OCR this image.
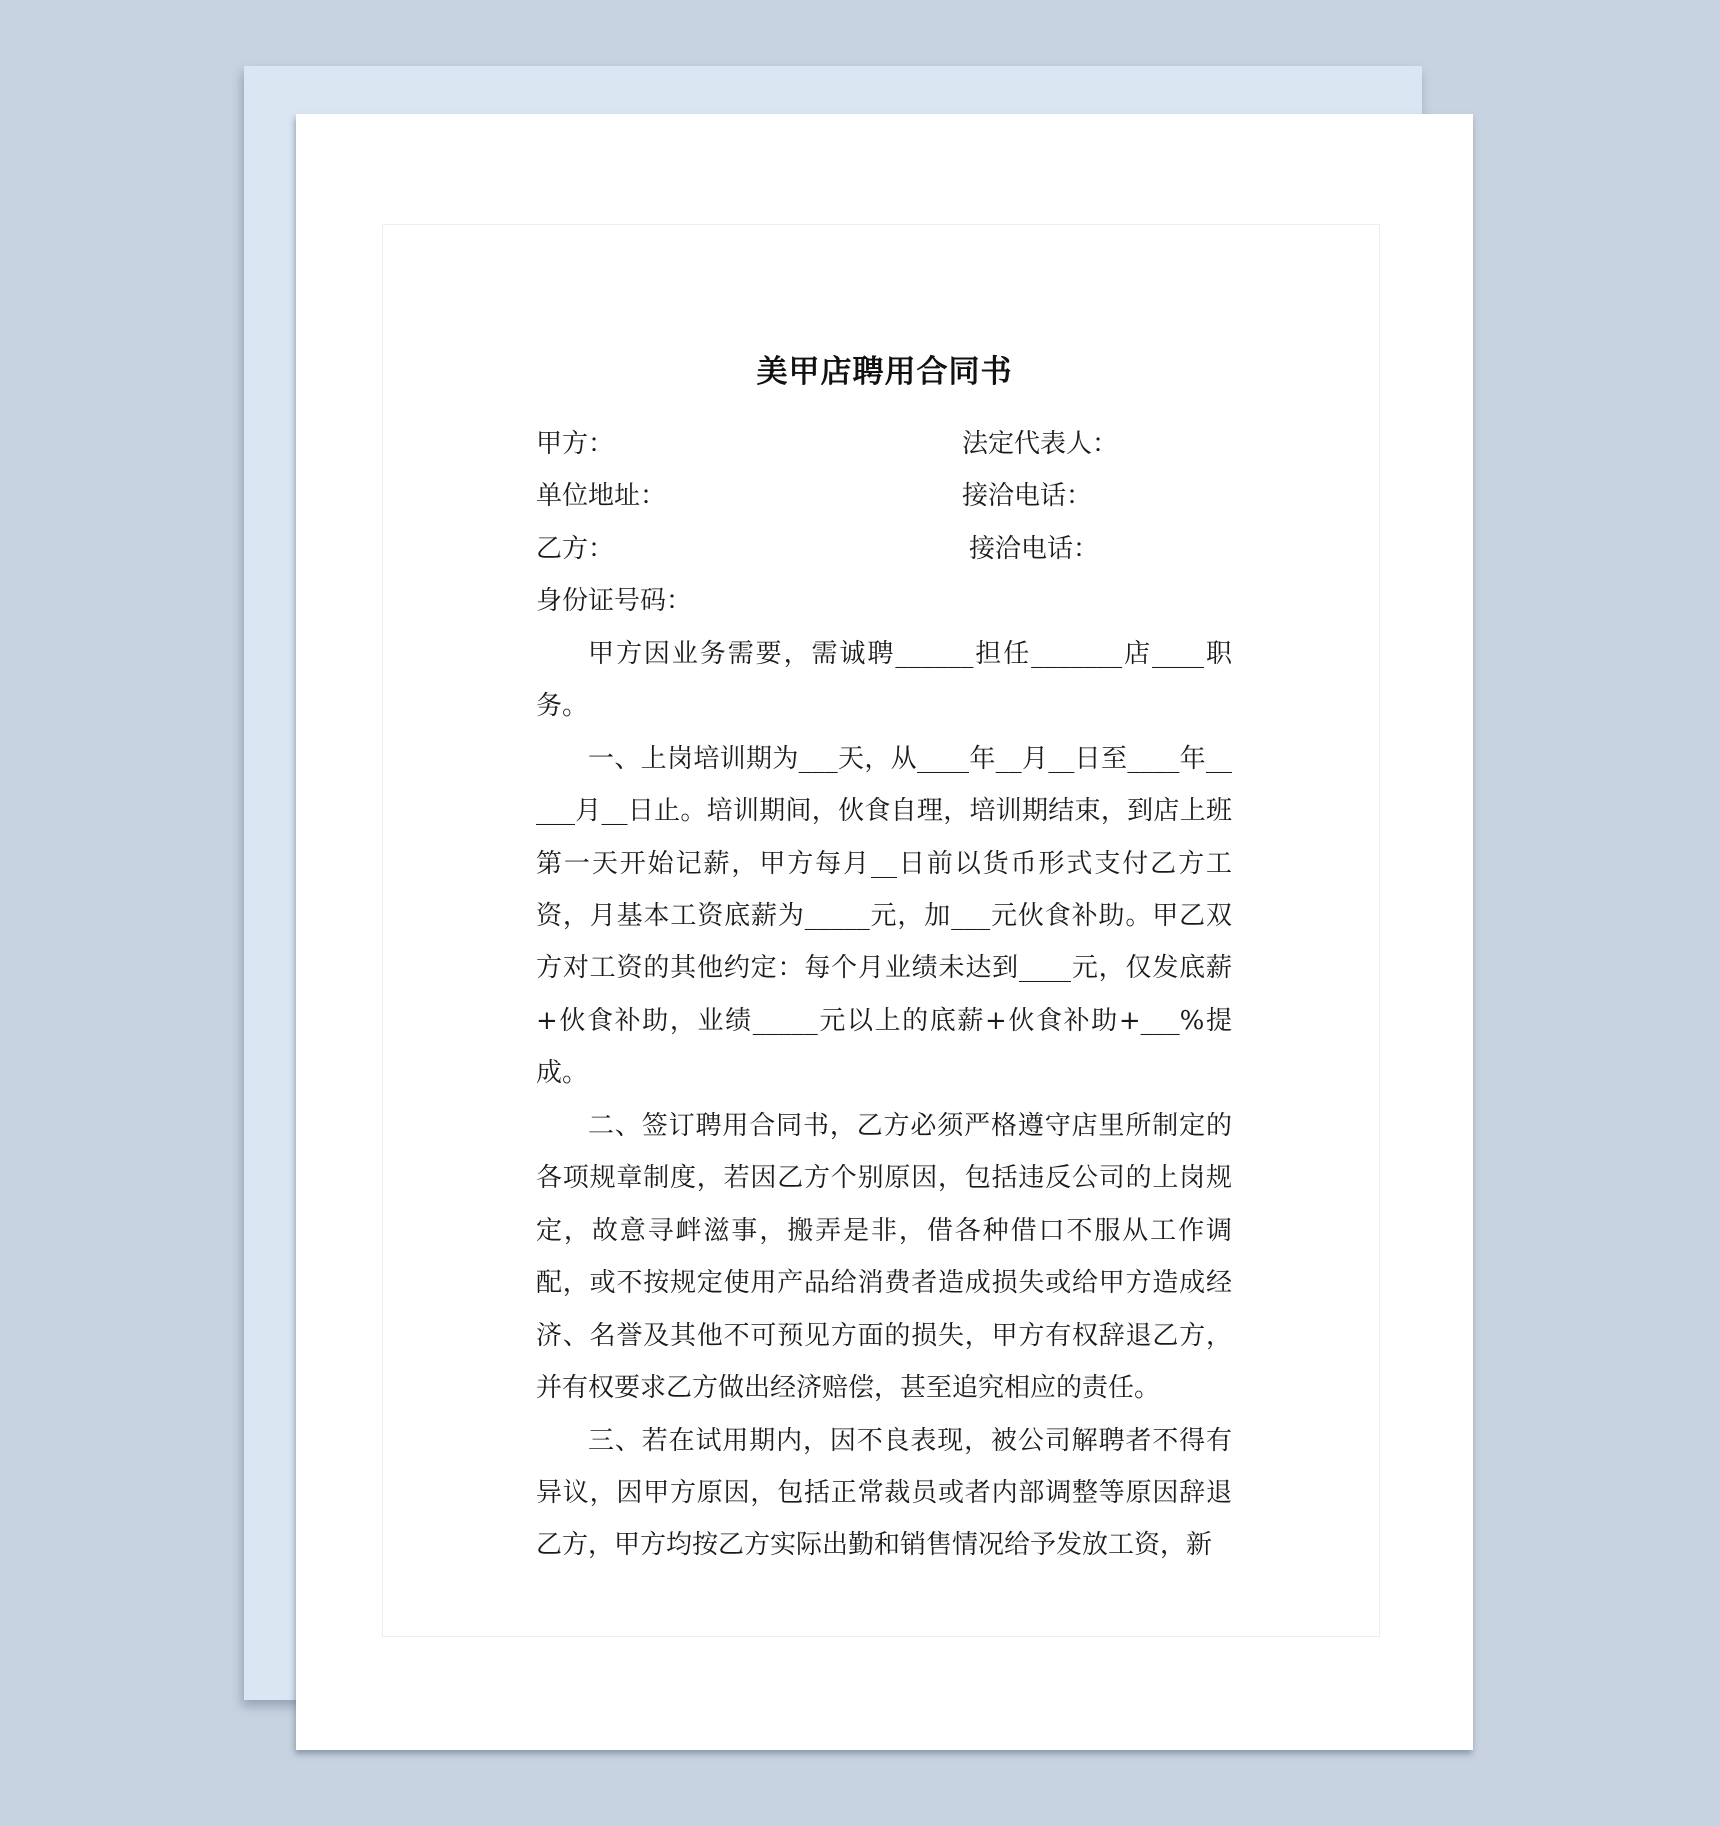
美甲店聘用合同书
甲方：	法定代表人：
单位地址：	接洽电话：
乙方：	接洽电话：
身份证号码：

甲方因业务需要，需诚聘______担任_______店____职务。

一、上岗培训期为___天，从____年__月__日至____年_____月__日止。培训期间，伙食自理，培训期结束，到店上班第一天开始记薪，甲方每月__日前以货币形式支付乙方工资，月基本工资底薪为_____元，加___元伙食补助。甲乙双方对工资的其他约定：每个月业绩未达到____元，仅发底薪+伙食补助，业绩_____元以上的底薪+伙食补助+___%提成。

二、签订聘用合同书，乙方必须严格遵守店里所制定的各项规章制度，若因乙方个别原因，包括违反公司的上岗规定，故意寻衅滋事，搬弄是非，借各种借口不服从工作调配，或不按规定使用产品给消费者造成损失或给甲方造成经济、名誉及其他不可预见方面的损失，甲方有权辞退乙方，并有权要求乙方做出经济赔偿，甚至追究相应的责任。

三、若在试用期内，因不良表现，被公司解聘者不得有异议，因甲方原因，包括正常裁员或者内部调整等原因辞退乙方，甲方均按乙方实际出勤和销售情况给予发放工资，新
